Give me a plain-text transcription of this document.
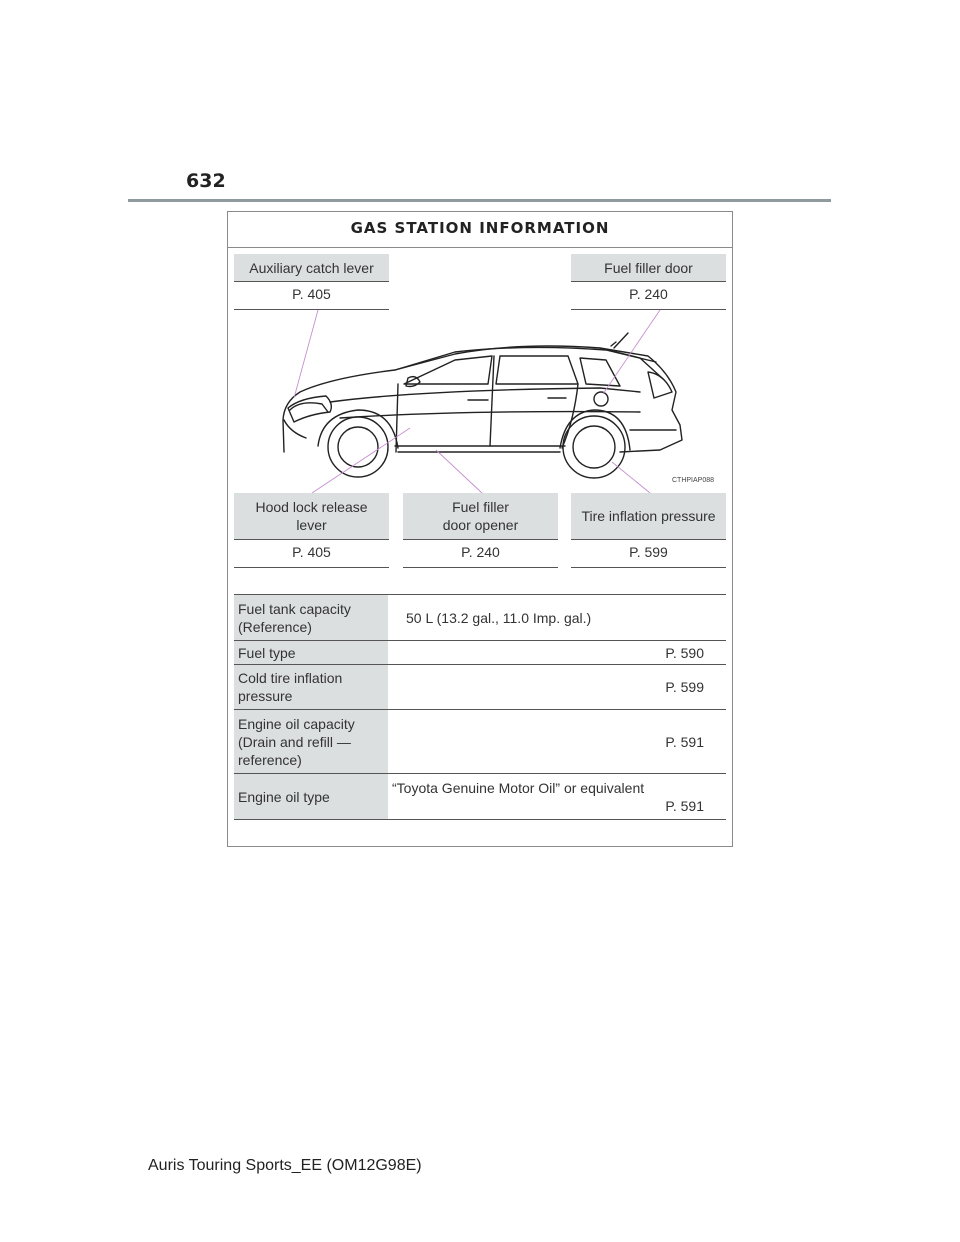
632
GAS STATION INFORMATION
Auxiliary catch lever
P. 405
Fuel filler door
P. 240
CTHPIAP088
Hood lock release
lever
P. 405
Fuel filler
door opener
P. 240
Tire inflation pressure
P. 599
Fuel tank capacity
(Reference)	50 L (13.2 gal., 11.0 Imp. gal.)
Fuel type	P. 590

Cold tire inflation
pressure	P. 599

Engine oil capacity
(Drain and refill —
reference)	P. 591

Engine oil type	“Toyota Genuine Motor Oil” or equivalent
P. 591
Auris Touring Sports_EE (OM12G98E)
